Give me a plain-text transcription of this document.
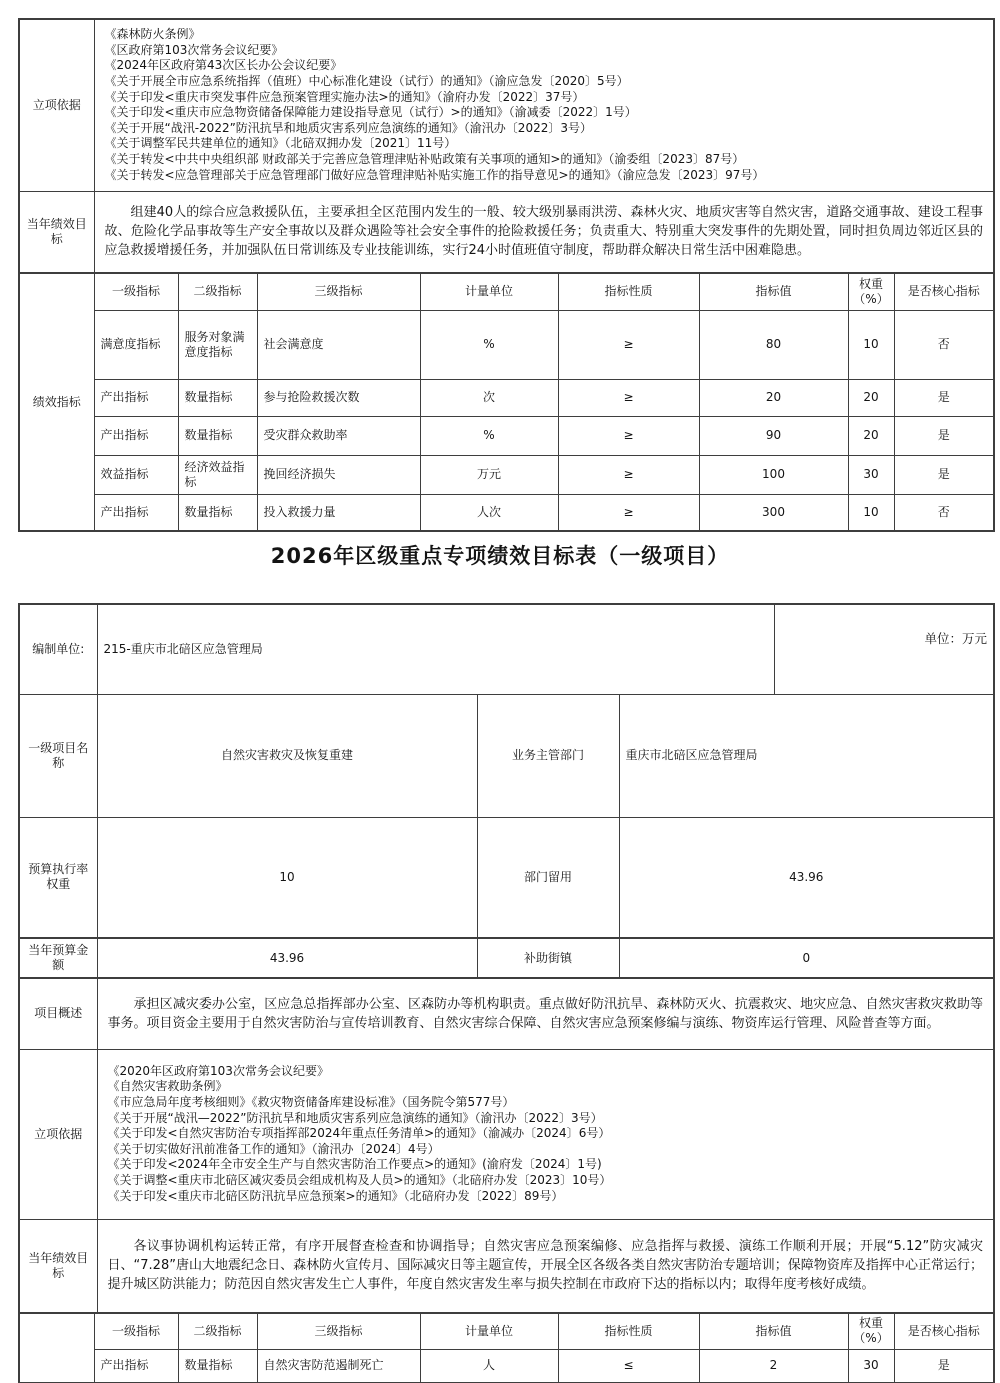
立项依据	
《森林防火条例》
《区政府第103次常务会议纪要》
《2024年区政府第43次区长办公会议纪要》
《关于开展全市应急系统指挥（值班）中心标准化建设（试行）的通知》（渝应急发〔2020〕5号）
《关于印发<重庆市突发事件应急预案管理实施办法>的通知》（渝府办发〔2022〕37号）
《关于印发<重庆市应急物资储备保障能力建设指导意见（试行）>的通知》（渝减委〔2022〕1号）
《关于开展“战汛-2022”防汛抗旱和地质灾害系列应急演练的通知》（渝汛办〔2022〕3号）
《关于调整军民共建单位的通知》（北碚双拥办发〔2021〕11号）
《关于转发<中共中央组织部 财政部关于完善应急管理津贴补贴政策有关事项的通知>的通知》（渝委组〔2023〕87号）
《关于转发<应急管理部关于应急管理部门做好应急管理津贴补贴实施工作的指导意见>的通知》（渝应急发〔2023〕97号）

当年绩效目标	组建40人的综合应急救援队伍，主要承担全区范围内发生的一般、较大级别暴雨洪涝、森林火灾、地质灾害等自然灾害，道路交通事故、建设工程事故、危险化学品事故等生产安全事故以及群众遇险等社会安全事件的抢险救援任务；负责重大、特别重大突发事件的先期处置，同时担负周边邻近区县的应急救援增援任务，并加强队伍日常训练及专业技能训练，实行24小时值班值守制度，帮助群众解决日常生活中困难隐患。							

绩效指标	一级指标	二级指标	三级指标	计量单位	指标性质	指标值	权重（%）	是否核心指标
	满意度指标	服务对象满意度指标	社会满意度	%	≥	80	10	否
	产出指标	数量指标	参与抢险救援次数	次	≥	20	20	是
	产出指标	数量指标	受灾群众救助率	%	≥	90	20	是
	效益指标	经济效益指标	挽回经济损失	万元	≥	100	30	是
	产出指标	数量指标	投入救援力量	人次	≥	300	10	否
2026年区级重点专项绩效目标表（一级项目）
编制单位:	215-重庆市北碚区应急管理局			单位：万元

一级项目名称	自然灾害救灾及恢复重建	业务主管部门	重庆市北碚区应急管理局	
预算执行率权重	10	部门留用	43.96	
当年预算金额	43.96	补助街镇	0	
项目概述	承担区减灾委办公室，区应急总指挥部办公室、区森防办等机构职责。重点做好防汛抗旱、森林防灭火、抗震救灾、地灾应急、自然灾害救灾救助等事务。项目资金主要用于自然灾害防治与宣传培训教育、自然灾害综合保障、自然灾害应急预案修编与演练、物资库运行管理、风险普查等方面。			

立项依据	
《2020年区政府第103次常务会议纪要》
《自然灾害救助条例》
《市应急局年度考核细则》《救灾物资储备库建设标准》（国务院令第577号）
《关于开展“战汛—2022”防汛抗旱和地质灾害系列应急演练的通知》（渝汛办〔2022〕3号）
《关于印发<自然灾害防治专项指挥部2024年重点任务清单>的通知》（渝减办〔2024〕6号）
《关于切实做好汛前准备工作的通知》（渝汛办〔2024〕4号）
《关于印发<2024年全市安全生产与自然灾害防治工作要点>的通知》(渝府发〔2024〕1号)
《关于调整<重庆市北碚区减灾委员会组成机构及人员>的通知》（北碚府办发〔2023〕10号）
《关于印发<重庆市北碚区防汛抗旱应急预案>的通知》（北碚府办发〔2022〕89号）

当年绩效目标	各议事协调机构运转正常，有序开展督查检查和协调指导；自然灾害应急预案编修、应急指挥与救援、演练工作顺利开展；开展“5.12”防灾减灾日、“7.28”唐山大地震纪念日、森林防火宣传月、国际减灾日等主题宣传，开展全区各级各类自然灾害防治专题培训；保障物资库及指挥中心正常运行；提升城区防洪能力；防范因自然灾害发生亡人事件，年度自然灾害发生率与损失控制在市政府下达的指标以内；取得年度考核好成绩。			
	一级指标	二级指标	三级指标	计量单位	指标性质	指标值	权重（%）	是否核心指标
	产出指标	数量指标	自然灾害防范遏制死亡	人	≤	2	30	是
